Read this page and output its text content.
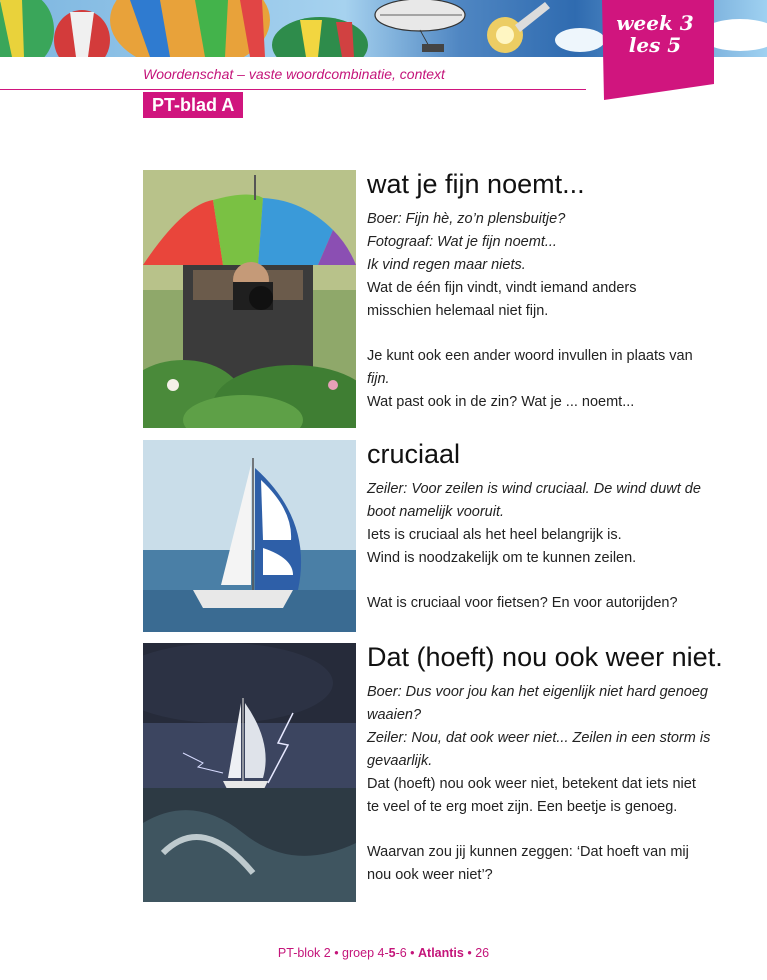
week 3
les 5
Woordenschat – vaste woordcombinatie, context
PT-blad A
wat je fijn noemt...

Boer: Fijn hè, zo’n plensbuitje?

Fotograaf: Wat je fijn noemt...

Ik vind regen maar niets.

Wat de één fijn vindt, vindt iemand anders

misschien helemaal niet fijn.

Je kunt ook een ander woord invullen in plaats van

fijn.

Wat past ook in de zin? Wat je ... noemt...

cruciaal

Zeiler: Voor zeilen is wind cruciaal. De wind duwt de

boot namelijk vooruit.

Iets is cruciaal als het heel belangrijk is.

Wind is noodzakelijk om te kunnen zeilen.

Wat is cruciaal voor fietsen? En voor autorijden?

Dat (hoeft) nou ook weer niet.

Boer: Dus voor jou kan het eigenlijk niet hard genoeg

waaien?

Zeiler: Nou, dat ook weer niet... Zeilen in een storm is

gevaarlijk.

Dat (hoeft) nou ook weer niet, betekent dat iets niet

te veel of te erg moet zijn. Een beetje is genoeg.

Waarvan zou jij kunnen zeggen: ‘Dat hoeft van mij

nou ook weer niet’?

PT-blok 2 • groep 4-5-6 • Atlantis • 26
